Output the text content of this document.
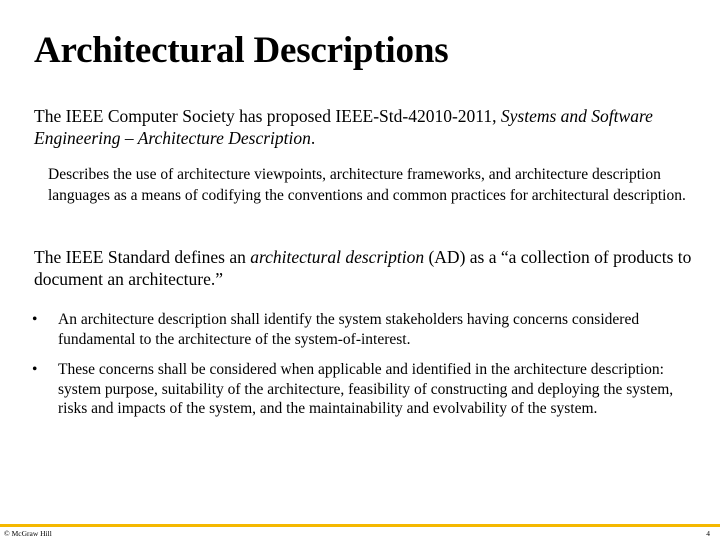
Architectural Descriptions

The IEEE Computer Society has proposed IEEE-Std-42010-2011, Systems and Software Engineering – Architecture Description.

Describes the use of architecture viewpoints, architecture frameworks, and architecture description languages as a means of codifying the conventions and common practices for architectural description.

The IEEE Standard defines an architectural description (AD) as a “a collection of products to document an architecture.”

• An architecture description shall identify the system stakeholders having concerns considered fundamental to the architecture of the system-of-interest.
• These concerns shall be considered when applicable and identified in the architecture description: system purpose, suitability of the architecture, feasibility of constructing and deploying the system, risks and impacts of the system, and the maintainability and evolvability of the system.
© McGraw Hill	4
